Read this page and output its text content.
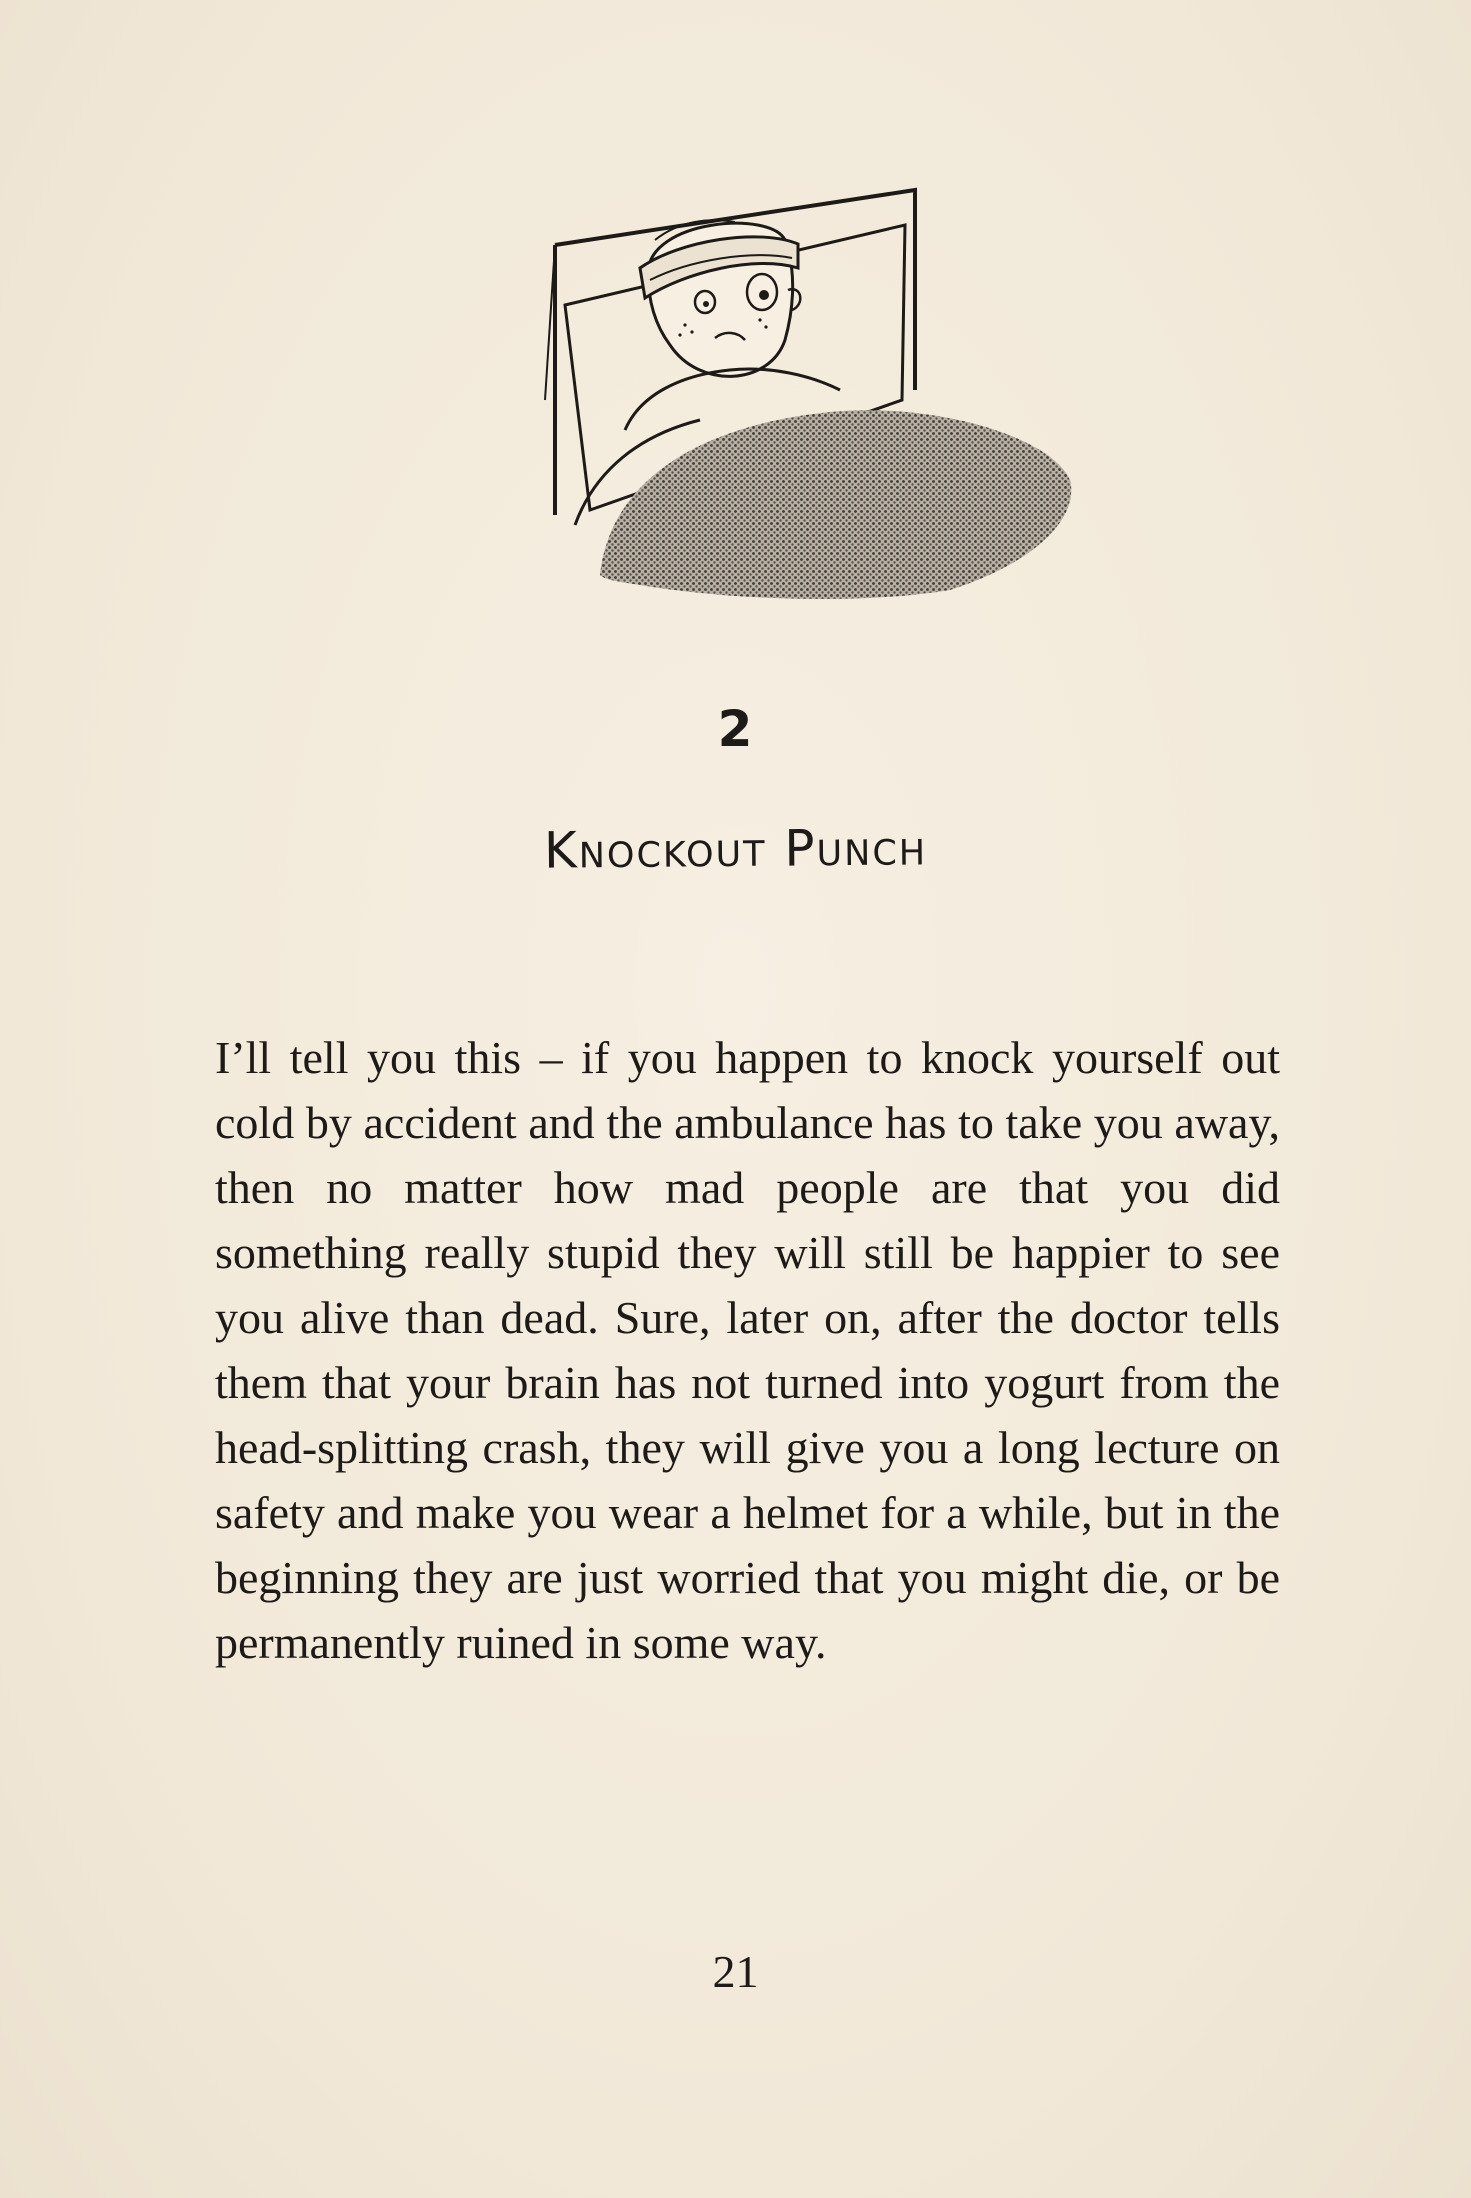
2
Knockout Punch
I’ll tell you this – if you happen to knock yourself out cold by accident and the ambulance has to take you away, then no matter how mad people are that you did something really stupid they will still be happier to see you alive than dead. Sure, later on, after the doctor tells them that your brain has not turned into yogurt from the head-splitting crash, they will give you a long lecture on safety and make you wear a helmet for a while, but in the beginning they are just worried that you might die, or be permanently ruined in some way.
21
